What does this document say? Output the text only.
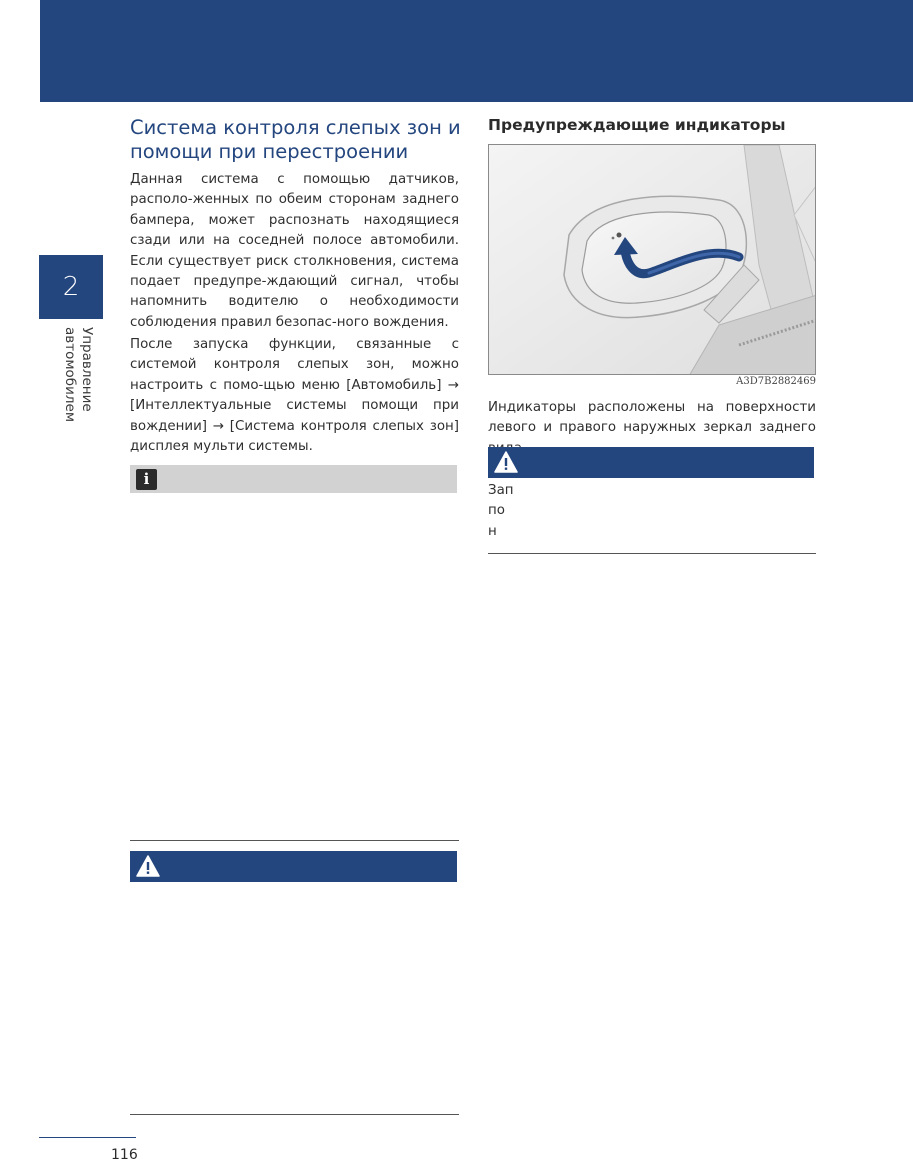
2
Управление
автомобилем
Система контроля слепых зон и помощи при перестроении

Данная система с помощью датчиков, располо-женных по обеим сторонам заднего бампера, может распознать находящиеся сзади или на соседней полосе автомобили. Если существует риск столкновения, система подает предупре-ждающий сигнал, чтобы напомнить водителю о необходимости соблюдения правил безопас-ного вождения.

После запуска функции, связанные с системой контроля слепых зон, можно настроить с помо-щью меню [Автомобиль] → [Интеллектуальные системы помощи при вождении] → [Система контроля слепых зон] дисплея мульти системы.

i
Предупреждающие индикаторы
A3D7B2882469

Индикаторы расположены на поверхности левого и правого наружных зеркал заднего

Зап
по
н
116
